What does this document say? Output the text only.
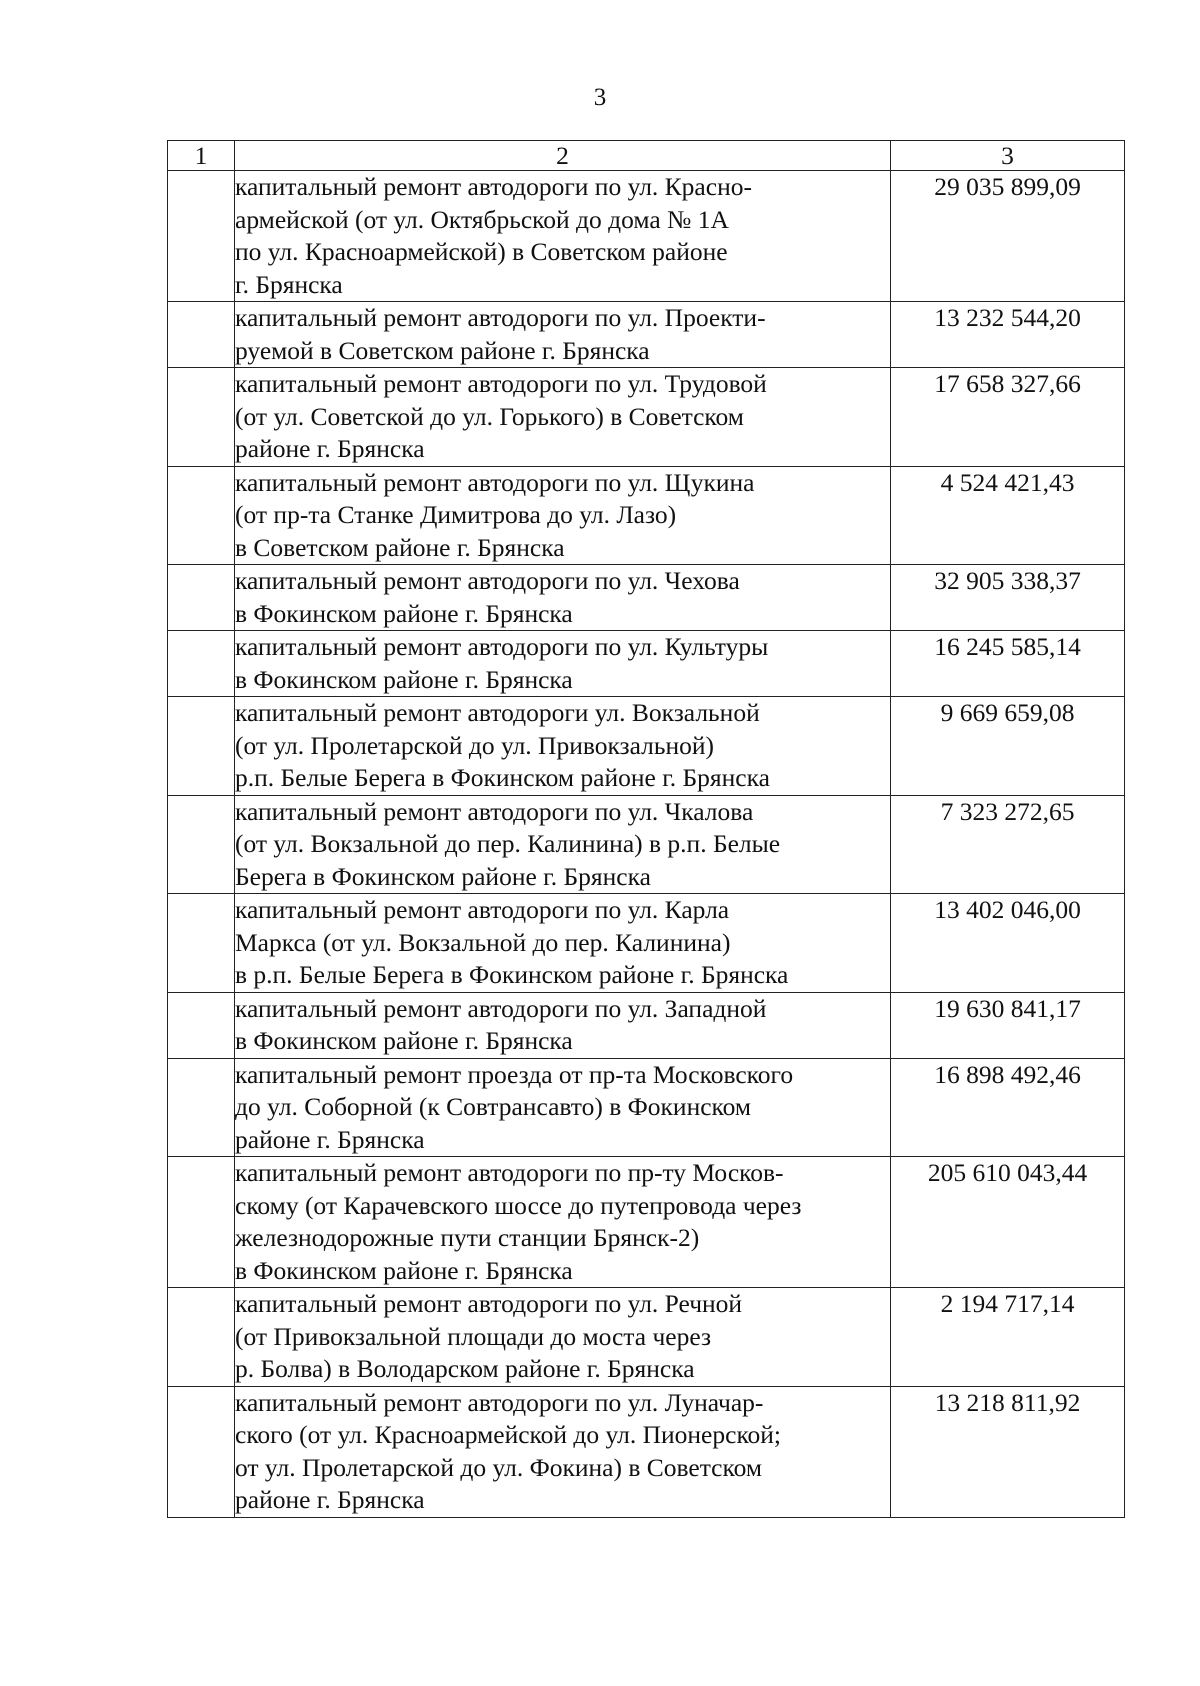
3
1	2	3

	капитальный ремонт автодороги по ул. Красно-
армейской (от ул. Октябрьской до дома № 1А
по ул. Красноармейской) в Советском районе
г. Брянска	29 035 899,09

	капитальный ремонт автодороги по ул. Проекти-
руемой в Советском районе г. Брянска	13 232 544,20

	капитальный ремонт автодороги по ул. Трудовой
(от ул. Советской до ул. Горького) в Советском
районе г. Брянска	17 658 327,66

	капитальный ремонт автодороги по ул. Щукина
(от пр-та Станке Димитрова до ул. Лазо)
в Советском районе г. Брянска	4 524 421,43

	капитальный ремонт автодороги по ул. Чехова
в Фокинском районе г. Брянска	32 905 338,37

	капитальный ремонт автодороги по ул. Культуры
в Фокинском районе г. Брянска	16 245 585,14

	капитальный ремонт автодороги ул. Вокзальной
(от ул. Пролетарской до ул. Привокзальной)
р.п. Белые Берега в Фокинском районе г. Брянска	9 669 659,08

	капитальный ремонт автодороги по ул. Чкалова
(от ул. Вокзальной до пер. Калинина) в р.п. Белые
Берега в Фокинском районе г. Брянска	7 323 272,65

	капитальный ремонт автодороги по ул. Карла
Маркса (от ул. Вокзальной до пер. Калинина)
в р.п. Белые Берега в Фокинском районе г. Брянска	13 402 046,00

	капитальный ремонт автодороги по ул. Западной
в Фокинском районе г. Брянска	19 630 841,17

	капитальный ремонт проезда от пр-та Московского
до ул. Соборной (к Совтрансавто) в Фокинском
районе г. Брянска	16 898 492,46

	капитальный ремонт автодороги по пр-ту Москов-
скому (от Карачевского шоссе до путепровода через
железнодорожные пути станции Брянск-2)
в Фокинском районе г. Брянска	205 610 043,44

	капитальный ремонт автодороги по ул. Речной
(от Привокзальной площади до моста через
р. Болва) в Володарском районе г. Брянска	2 194 717,14

	капитальный ремонт автодороги по ул. Луначар-
ского (от ул. Красноармейской до ул. Пионерской;
от ул. Пролетарской до ул. Фокина) в Советском
районе г. Брянска	13 218 811,92
